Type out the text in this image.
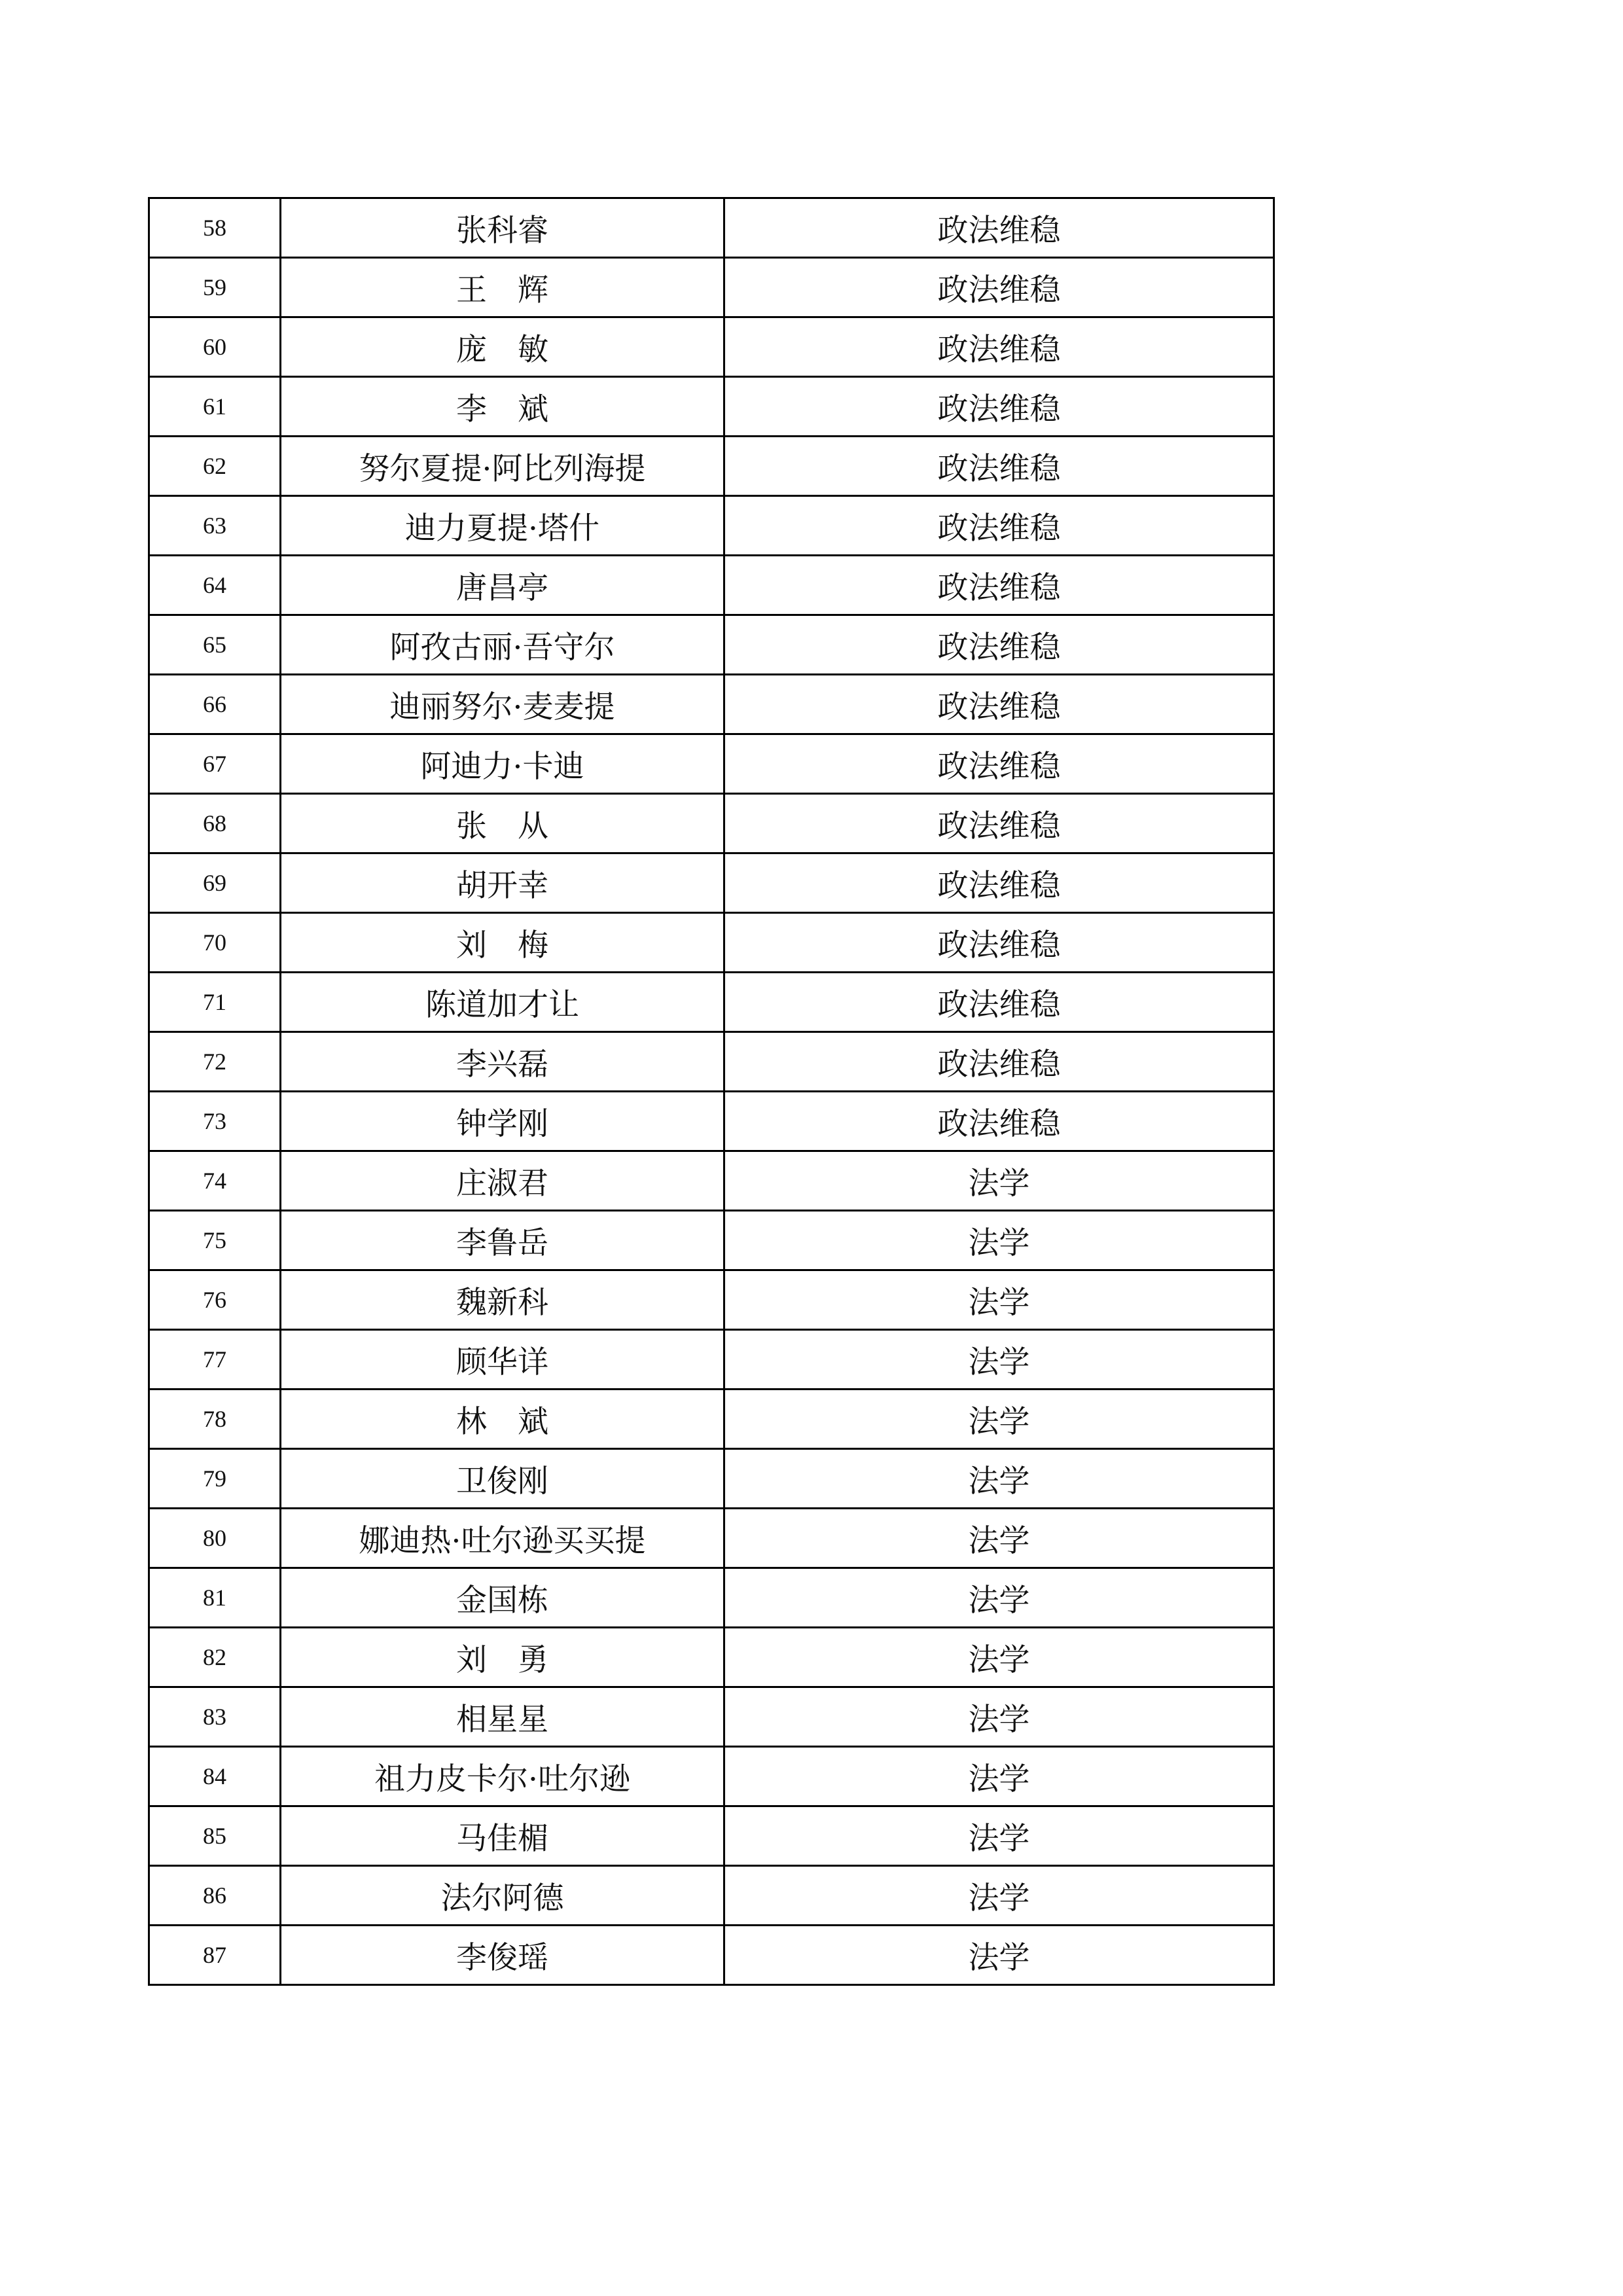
58	张科睿	政法维稳
59	王　辉	政法维稳
60	庞　敏	政法维稳
61	李　斌	政法维稳
62	努尔夏提·阿比列海提	政法维稳
63	迪力夏提·塔什	政法维稳
64	唐昌亭	政法维稳
65	阿孜古丽·吾守尔	政法维稳
66	迪丽努尔·麦麦提	政法维稳
67	阿迪力·卡迪	政法维稳
68	张　从	政法维稳
69	胡开幸	政法维稳
70	刘　梅	政法维稳
71	陈道加才让	政法维稳
72	李兴磊	政法维稳
73	钟学刚	政法维稳
74	庄淑君	法学
75	李鲁岳	法学
76	魏新科	法学
77	顾华详	法学
78	林　斌	法学
79	卫俊刚	法学
80	娜迪热·吐尔逊买买提	法学
81	金国栋	法学
82	刘　勇	法学
83	相星星	法学
84	祖力皮卡尔·吐尔逊	法学
85	马佳楣	法学
86	法尔阿德	法学
87	李俊瑶	法学
